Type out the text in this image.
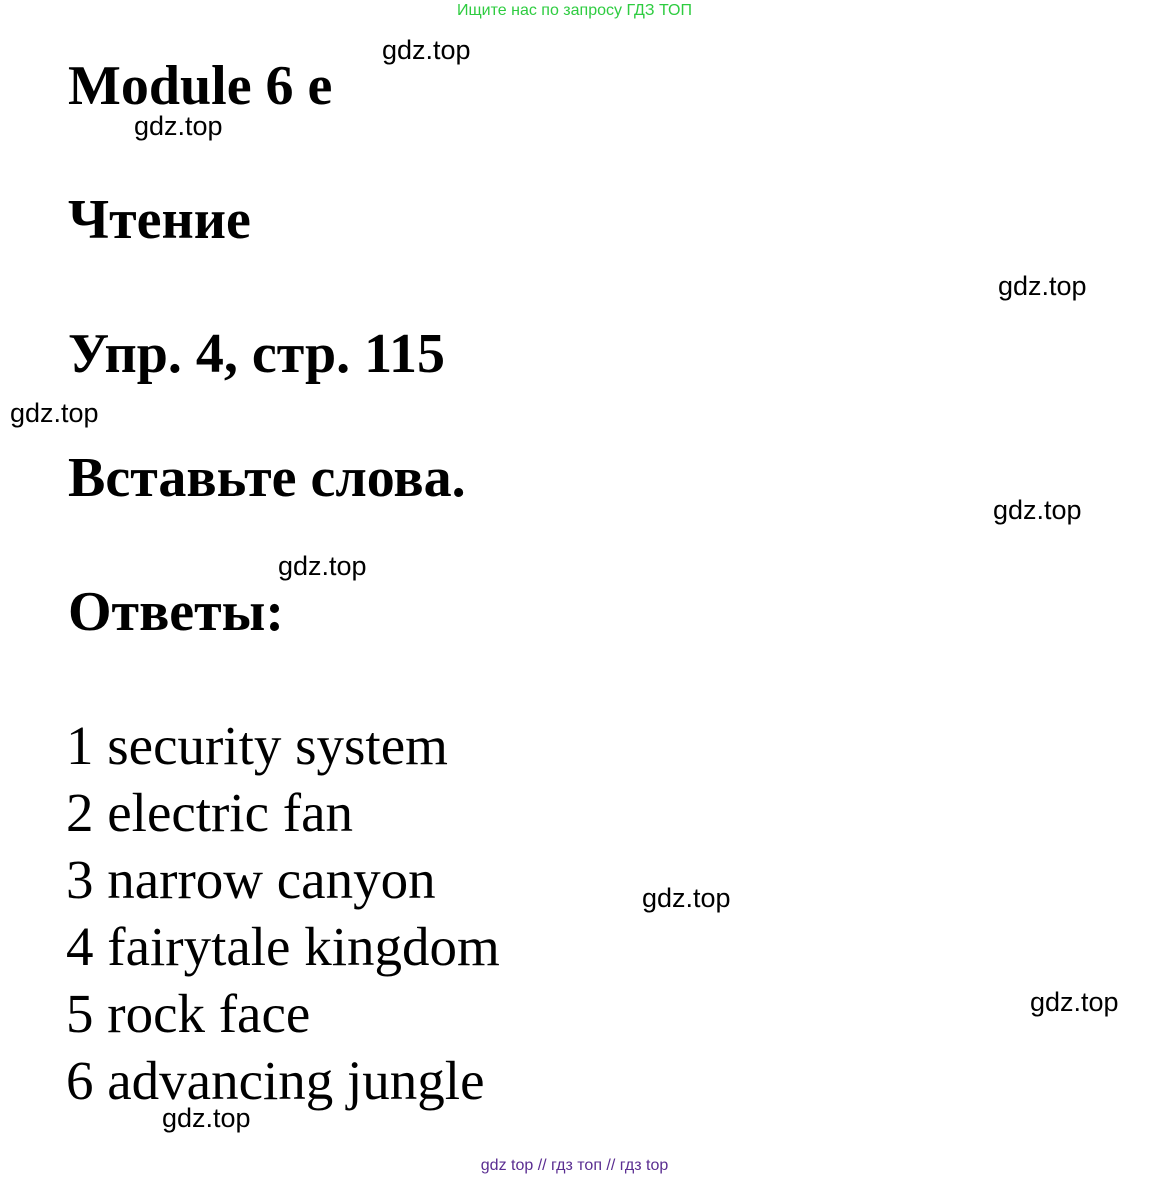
Ищите нас по запросу ГДЗ ТОП
Module 6 e
Чтение
Упр. 4, стр. 115
Вставьте слова.
Ответы:
1 security system
2 electric fan
3 narrow canyon
4 fairytale kingdom
5 rock face
6 advancing jungle
gdz.top
gdz.top
gdz.top
gdz.top
gdz.top
gdz.top
gdz.top
gdz.top
gdz.top
gdz top // гдз топ // гдз top
